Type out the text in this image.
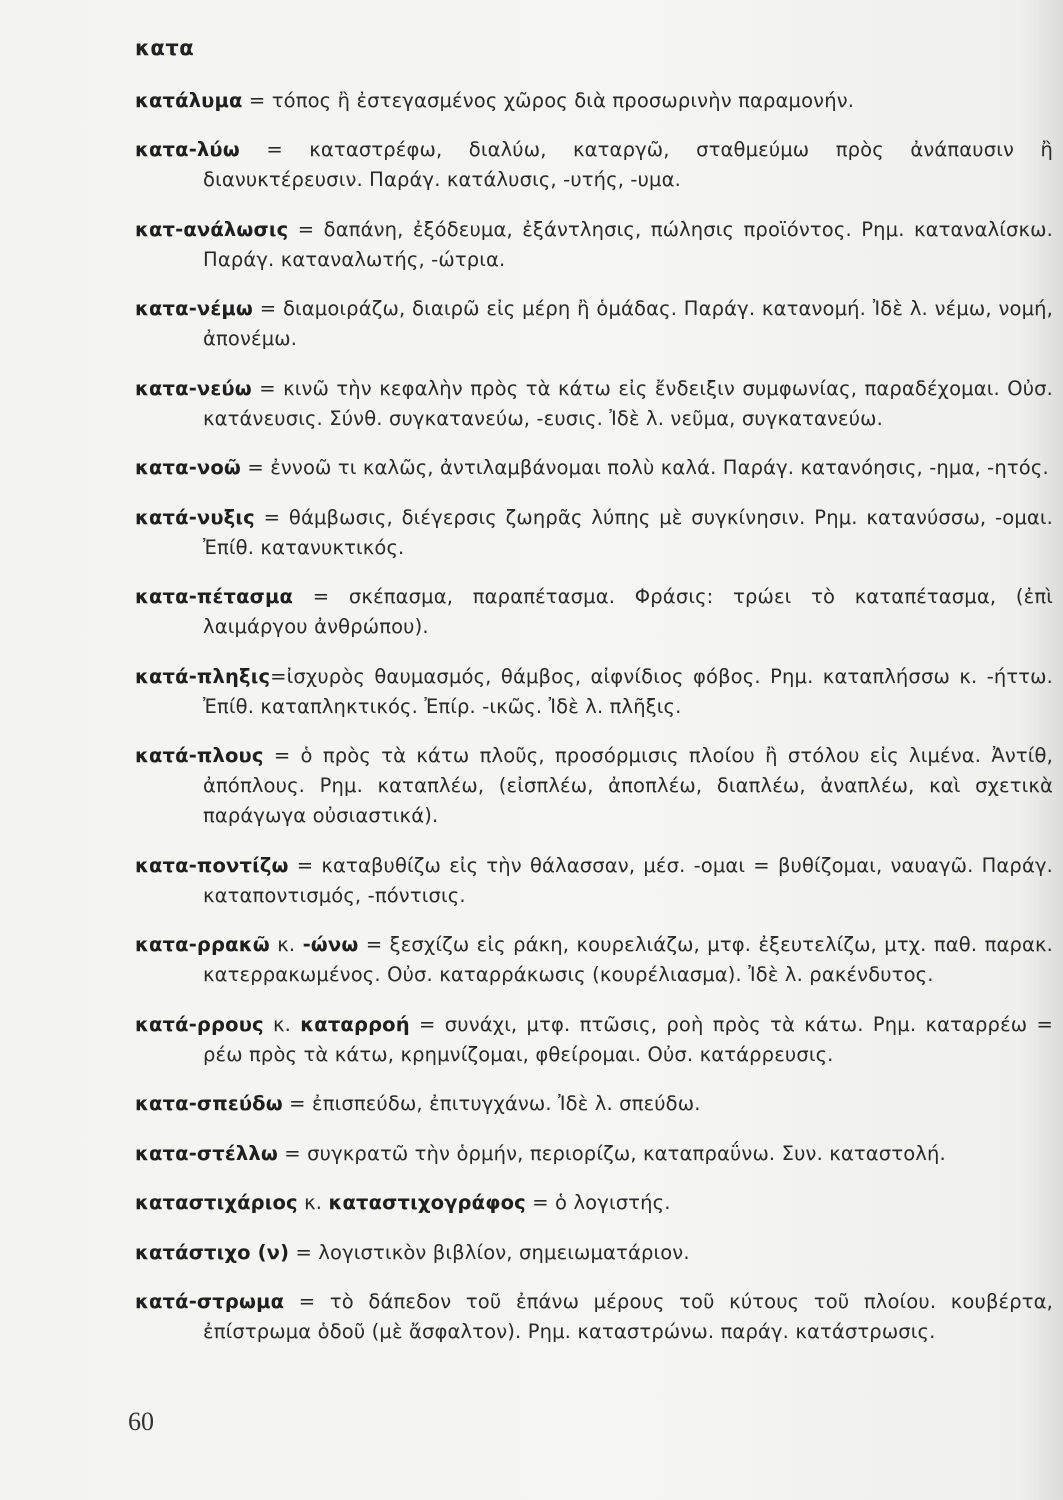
κατα

κατάλυμα = τόπος ἢ ἐστεγασμένος χῶρος διὰ προσωρινὴν παραμονήν.

κατα-λύω = καταστρέφω, διαλύω, καταργῶ, σταθμεύμω πρὸς ἀνάπαυσιν ἢ διανυκτέρευσιν. Παράγ. κατάλυσις, -υτής, -υμα.

κατ-ανάλωσις = δαπάνη, ἐξόδευμα, ἐξάντλησις, πώλησις προϊόντος. Ρημ. καταναλίσκω. Παράγ. καταναλωτής, -ώτρια.

κατα-νέμω = διαμοιράζω, διαιρῶ εἰς μέρη ἢ ὁμάδας. Παράγ. κατανομή. Ἰδὲ λ. νέμω, νομή, ἀπονέμω.

κατα-νεύω = κινῶ τὴν κεφαλὴν πρὸς τὰ κάτω εἰς ἔνδειξιν συμφωνίας, παραδέχομαι. Οὐσ. κατάνευσις. Σύνθ. συγκατανεύω, -ευσις. Ἰδὲ λ. νεῦμα, συγκατανεύω.

κατα-νοῶ = ἐννοῶ τι καλῶς, ἀντιλαμβάνομαι πολὺ καλά. Παράγ. κατανόησις, -ημα, -ητός.

κατά-νυξις = θάμβωσις, διέγερσις ζωηρᾶς λύπης μὲ συγκίνησιν. Ρημ. κατανύσσω, -ομαι. Ἐπίθ. κατανυκτικός.

κατα-πέτασμα = σκέπασμα, παραπέτασμα. Φράσις: τρώει τὸ καταπέτασμα, (ἐπὶ λαιμάργου ἀνθρώπου).

κατά-πληξις=ἰσχυρὸς θαυμασμός, θάμβος, αἰφνίδιος φόβος. Ρημ. καταπλήσσω κ. -ήττω. Ἐπίθ. καταπληκτικός. Ἐπίρ. -ικῶς. Ἰδὲ λ. πλῆξις.

κατά-πλους = ὁ πρὸς τὰ κάτω πλοῦς, προσόρμισις πλοίου ἢ στόλου εἰς λιμένα. Ἀντίθ, ἀπόπλους. Ρημ. καταπλέω, (εἰσπλέω, ἀποπλέω, διαπλέω, ἀναπλέω, καὶ σχετικὰ παράγωγα οὐσιαστικά).

κατα-ποντίζω = καταβυθίζω εἰς τὴν θάλασσαν, μέσ. -ομαι = βυθίζομαι, ναυαγῶ. Παράγ. καταποντισμός, -πόντισις.

κατα-ρρακῶ κ. -ώνω = ξεσχίζω εἰς ράκη, κουρελιάζω, μτφ. ἐξευτελίζω, μτχ. παθ. παρακ. κατερρακωμένος. Οὐσ. καταρράκωσις (κουρέλιασμα). Ἰδὲ λ. ρακένδυτος.

κατά-ρρους κ. καταρροή = συνάχι, μτφ. πτῶσις, ροὴ πρὸς τὰ κάτω. Ρημ. καταρρέω = ρέω πρὸς τὰ κάτω, κρημνίζομαι, φθείρομαι. Οὐσ. κατάρρευσις.

κατα-σπεύδω = ἐπισπεύδω, ἐπιτυγχάνω. Ἰδὲ λ. σπεύδω.

κατα-στέλλω = συγκρατῶ τὴν ὁρμήν, περιορίζω, καταπραΰνω. Συν. καταστολή.

καταστιχάριος κ. καταστιχογράφος = ὁ λογιστής.

κατάστιχο (ν) = λογιστικὸν βιβλίον, σημειωματάριον.

κατά-στρωμα = τὸ δάπεδον τοῦ ἐπάνω μέρους τοῦ κύτους τοῦ πλοίου. κουβέρτα, ἐπίστρωμα ὁδοῦ (μὲ ἄσφαλτον). Ρημ. καταστρώνω. παράγ. κατάστρωσις.

60
